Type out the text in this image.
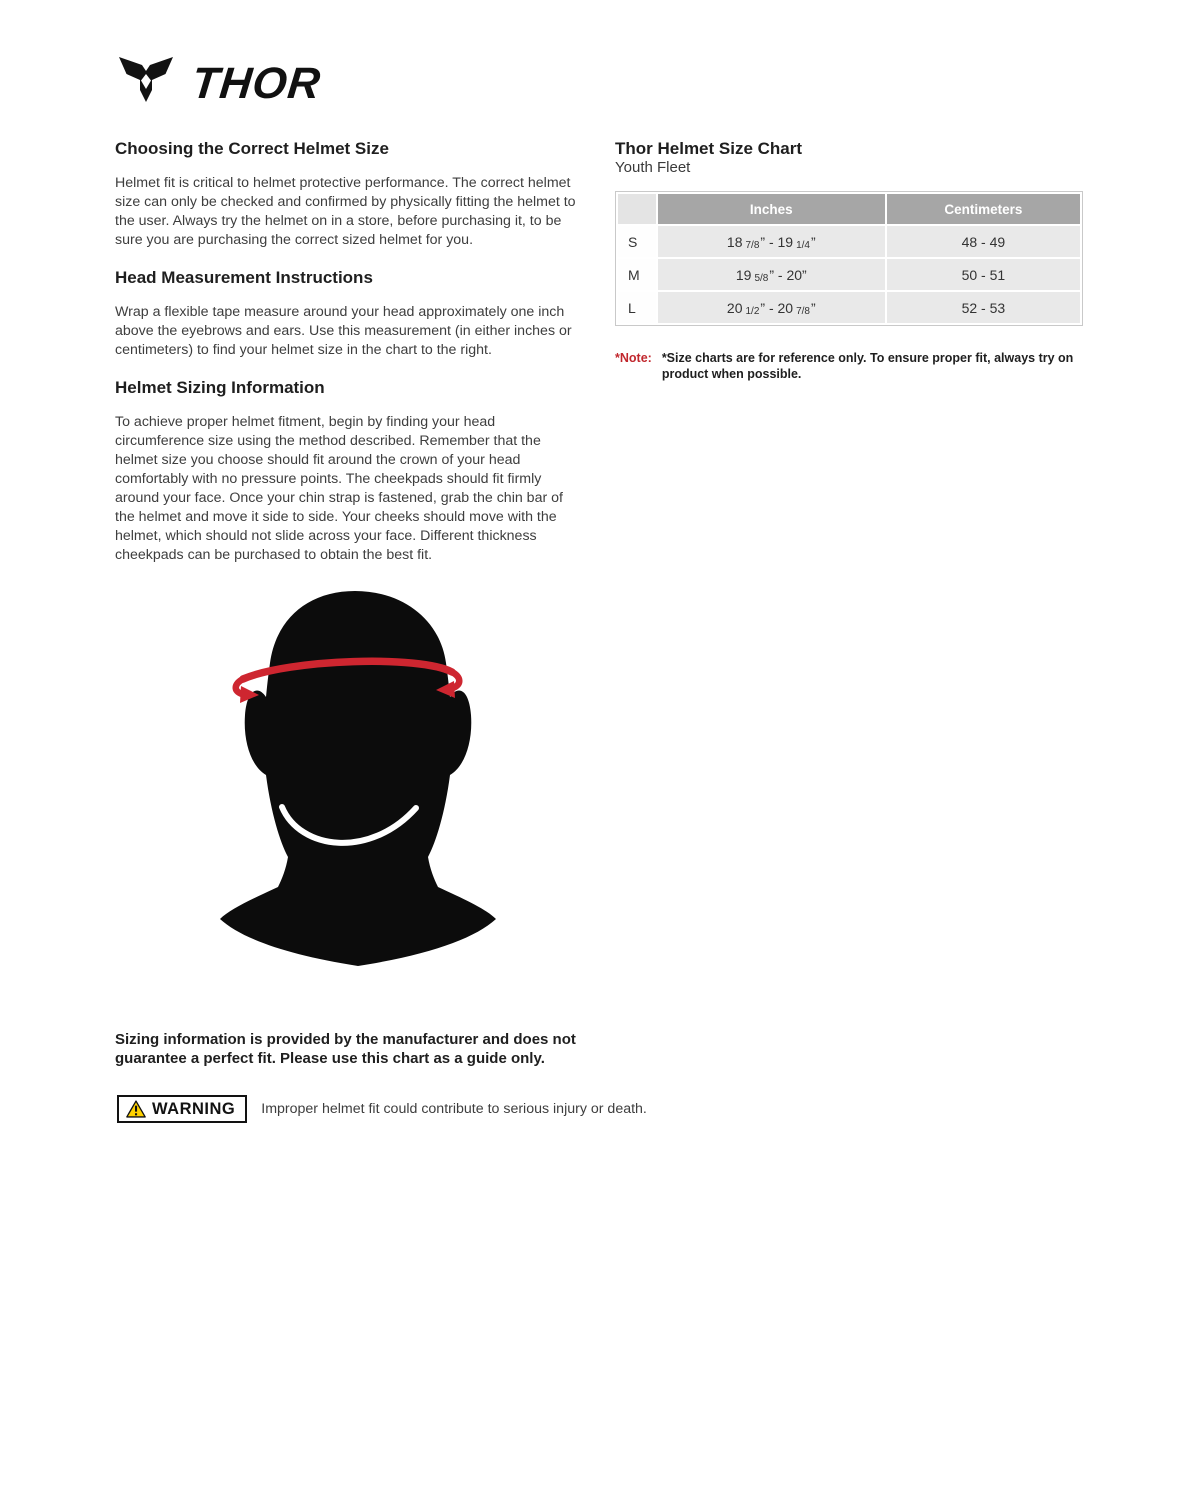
THOR
Choosing the Correct Helmet Size

Helmet fit is critical to helmet protective performance. The correct helmet size can only be checked and confirmed by physically fitting the helmet to the user. Always try the helmet on in a store, before purchasing it, to be sure you are purchasing the correct sized helmet for you.

Head Measurement Instructions

Wrap a flexible tape measure around your head approximately one inch above the eyebrows and ears. Use this measurement (in either inches or centimeters) to find your helmet size in the chart to the right.

Helmet Sizing Information

To achieve proper helmet fitment, begin by finding your head circumference size using the method described. Remember that the helmet size you choose should fit around the crown of your head comfortably with no pressure points. The cheekpads should fit firmly around your face. Once your chin strap is fastened, grab the chin bar of the helmet and move it side to side. Your cheeks should move with the helmet, which should not slide across your face. Different thickness cheekpads can be purchased to obtain the best fit.

Thor Helmet Size Chart
Youth Fleet
	Inches	Centimeters
S	18 7/8” - 19 1/4”	48 - 49
M	19 5/8” - 20”	50 - 51
L	20 1/2” - 20 7/8”	52 - 53
*Note: *Size charts are for reference only. To ensure proper fit, always try on product when possible.
Sizing information is provided by the manufacturer and does not guarantee a perfect fit. Please use this chart as a guide only.
WARNING Improper helmet fit could contribute to serious injury or death.
